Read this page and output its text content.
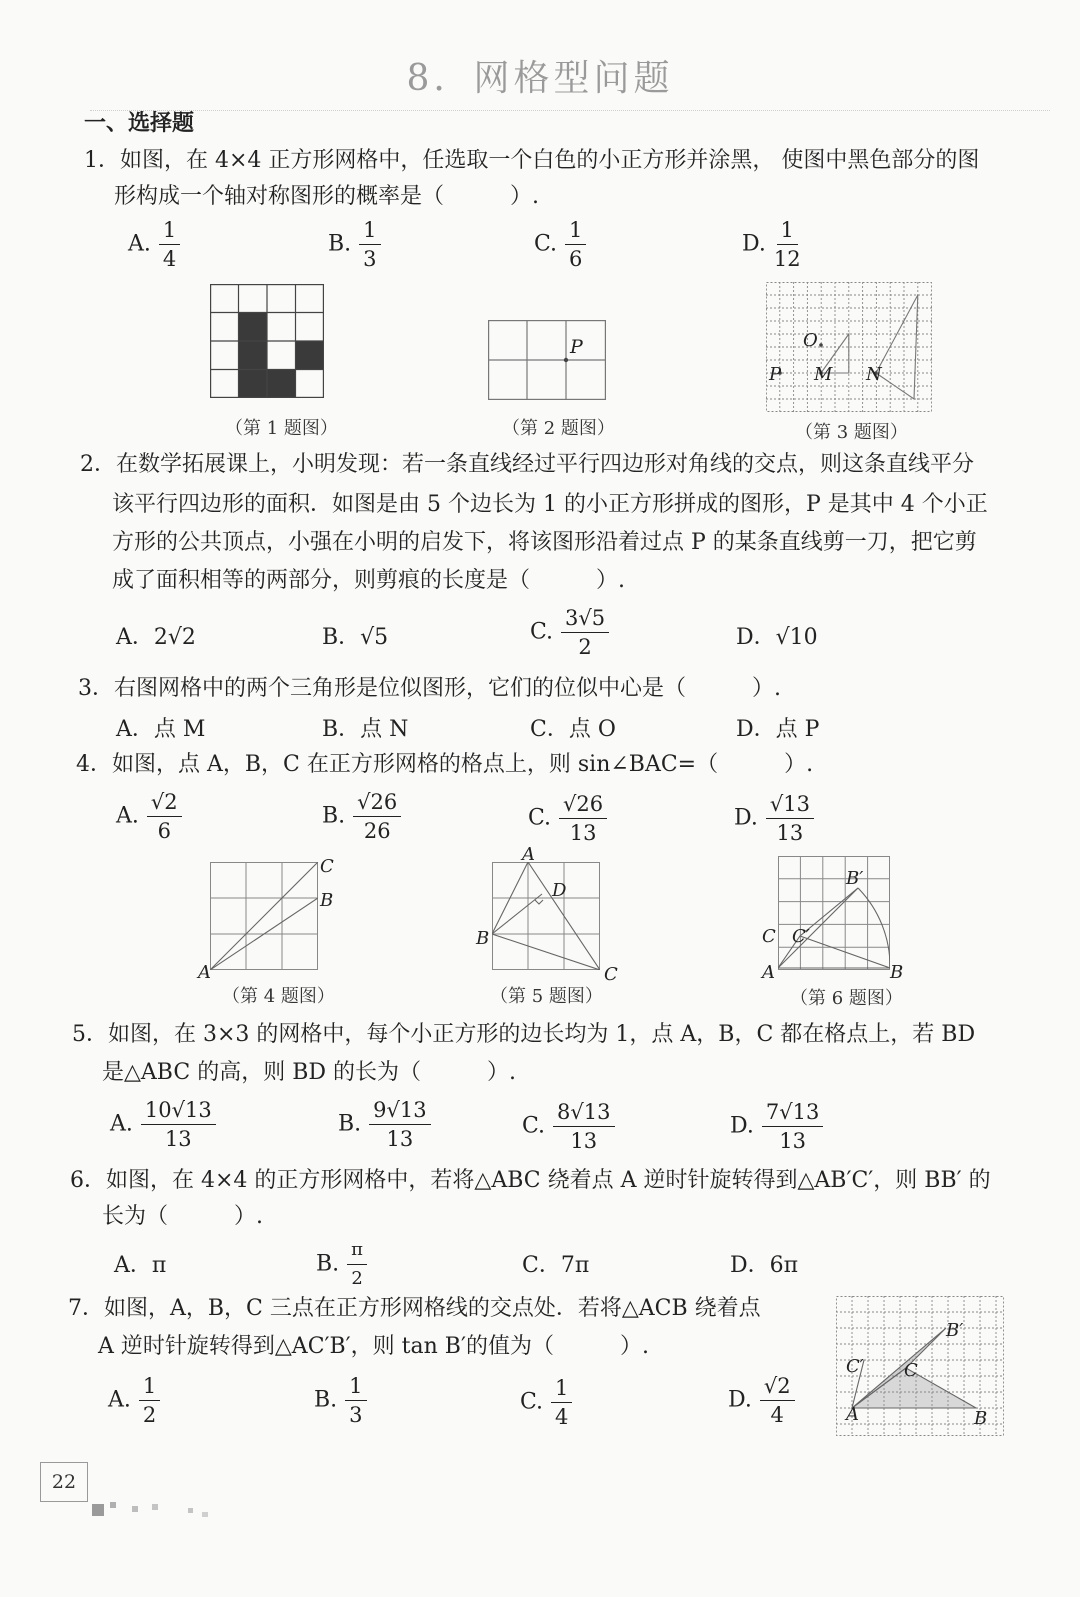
8．网格型问题
一、选择题
1．如图，在 4×4 正方形网格中，任选取一个白色的小正方形并涂黑， 使图中黑色部分的图
形构成一个轴对称图形的概率是（　　　）.
A. $\frac{1}{4}$	B. $\frac{1}{3}$	C. $\frac{1}{6}$	D. $\frac{1}{12}$
（第 1 题图）
P
（第 2 题图）
P
O
M N
（第 3 题图）
2．在数学拓展课上，小明发现：若一条直线经过平行四边形对角线的交点，则这条直线平分
该平行四边形的面积．如图是由 5 个边长为 1 的小正方形拼成的图形，P 是其中 4 个小正
方形的公共顶点，小强在小明的启发下，将该图形沿着过点 P 的某条直线剪一刀，把它剪
成了面积相等的两部分，则剪痕的长度是（　　　）.
A．2√2	B．√5	C. $\frac{3√5}{2}$	D．√10
3．右图网格中的两个三角形是位似图形，它们的位似中心是（　　　）.
A．点 M	B．点 N	C．点 O	D．点 P
4．如图，点 A，B，C 在正方形网格的格点上，则 sin∠BAC=（　　　）.
A. $\frac{√2}{6}$	B. $\frac{√26}{26}$	C. $\frac{√26}{13}$	D. $\frac{√13}{13}$
A
B
C
（第 4 题图）
A
D
B
C
（第 5 题图）
B′
C C′
A	B
（第 6 题图）
5．如图，在 3×3 的网格中，每个小正方形的边长均为 1，点 A，B，C 都在格点上，若 BD
是△ABC 的高，则 BD 的长为（　　　）.
A. $\frac{10√13}{13}$	B. $\frac{9√13}{13}$	C. $\frac{8√13}{13}$	D. $\frac{7√13}{13}$
6．如图，在 4×4 的正方形网格中，若将△ABC 绕着点 A 逆时针旋转得到△AB′C′，则 BB′ 的
长为（　　　）.
A．π	B. $\frac{\pi}{2}$	C．7π	D．6π
7．如图，A，B，C 三点在正方形网格线的交点处．若将△ACB 绕着点
A 逆时针旋转得到△AC′B′，则 tan B′的值为（　　　）.
A. $\frac{1}{2}$	B. $\frac{1}{3}$	C. $\frac{1}{4}$	D. $\frac{√2}{4}$
B′
C′ C
A	B
22
